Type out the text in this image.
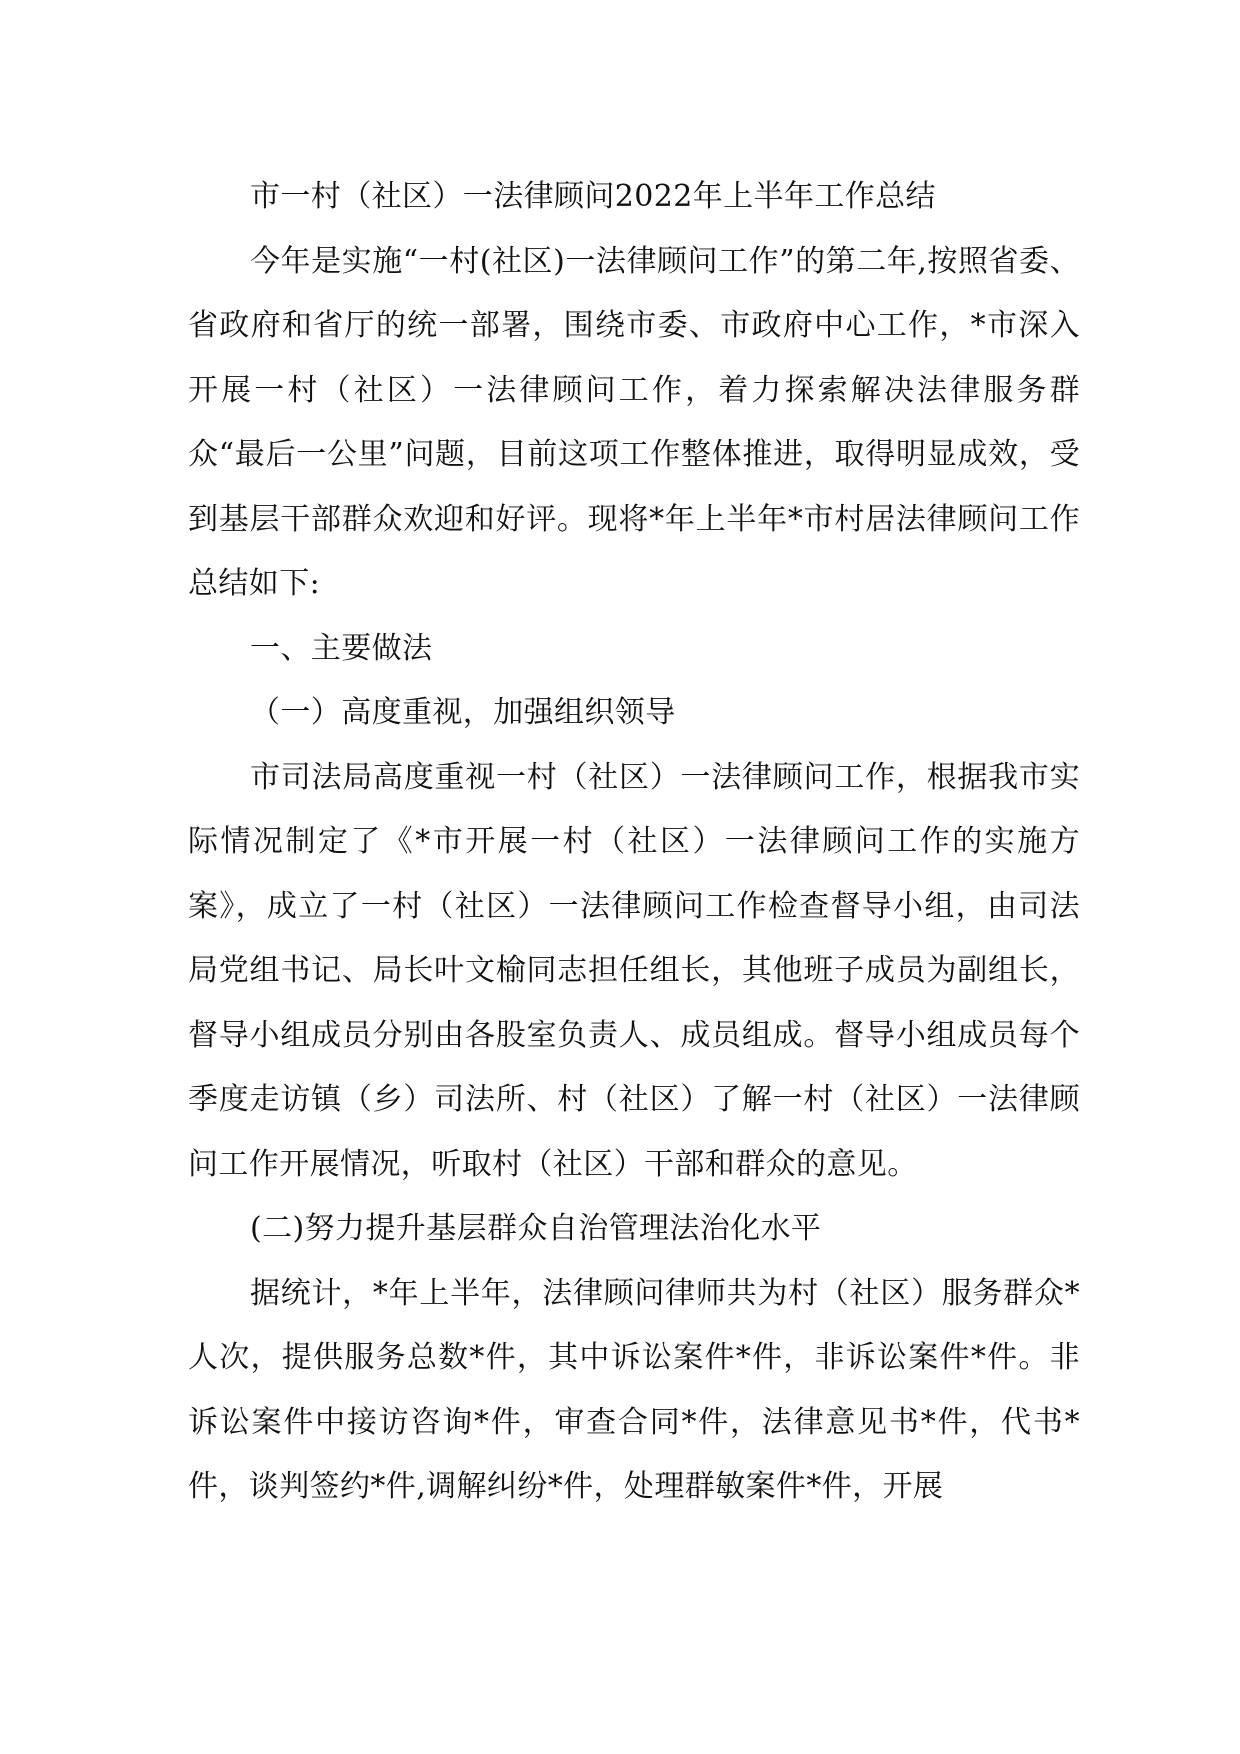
市一村（社区）一法律顾问2022年上半年工作总结

今年是实施“一村(社区)一法律顾问工作”的第二年,按照省委、省政府和省厅的统一部署，围绕市委、市政府中心工作，*市深入开展一村（社区）一法律顾问工作，着力探索解决法律服务群众“最后一公里”问题，目前这项工作整体推进，取得明显成效，受到基层干部群众欢迎和好评。现将*年上半年*市村居法律顾问工作总结如下:

一、主要做法

（一）高度重视，加强组织领导

市司法局高度重视一村（社区）一法律顾问工作，根据我市实际情况制定了《*市开展一村（社区）一法律顾问工作的实施方案》，成立了一村（社区）一法律顾问工作检查督导小组，由司法局党组书记、局长叶文榆同志担任组长，其他班子成员为副组长，督导小组成员分别由各股室负责人、成员组成。督导小组成员每个季度走访镇（乡）司法所、村（社区）了解一村（社区）一法律顾问工作开展情况，听取村（社区）干部和群众的意见。

(二)努力提升基层群众自治管理法治化水平

据统计，*年上半年，法律顾问律师共为村（社区）服务群众*人次，提供服务总数*件，其中诉讼案件*件，非诉讼案件*件。非诉讼案件中接访咨询*件，审查合同*件，法律意见书*件，代书*件，谈判签约*件,调解纠纷*件，处理群敏案件*件，开展
